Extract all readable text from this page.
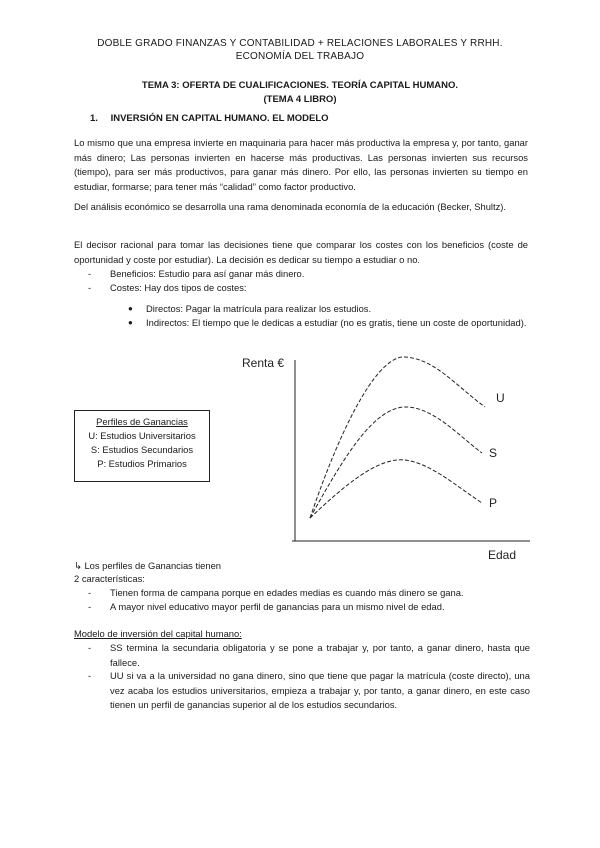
DOBLE GRADO FINANZAS Y CONTABILIDAD + RELACIONES LABORALES Y RRHH.
ECONOMÍA DEL TRABAJO
TEMA 3: OFERTA DE CUALIFICACIONES. TEORÍA CAPITAL HUMANO.
(TEMA 4 LIBRO)
1. INVERSIÓN EN CAPITAL HUMANO. EL MODELO
Lo mismo que una empresa invierte en maquinaria para hacer más productiva la empresa y, por tanto, ganar más dinero; Las personas invierten en hacerse más productivas. Las personas invierten sus recursos (tiempo), para ser más productivos, para ganar más dinero. Por ello, las personas invierten su tiempo en estudiar, formarse; para tener más “calidad” como factor productivo.
Del análisis económico se desarrolla una rama denominada economía de la educación (Becker, Shultz).
El decisor racional para tomar las decisiones tiene que comparar los costes con los beneficios (coste de oportunidad y coste por estudiar). La decisión es dedicar su tiempo a estudiar o no.
- Beneficios: Estudio para así ganar más dinero.
- Costes: Hay dos tipos de costes:
● Directos: Pagar la matrícula para realizar los estudios.
● Indirectos: El tiempo que le dedicas a estudiar (no es gratis, tiene un coste de oportunidad).
Perfiles de Ganancias
U: Estudios Universitarios
S: Estudios Secundarios
P: Estudios Primarios
Renta €
Edad
U
S
P
↳ Los perfiles de Ganancias tienen
2 características:
- Tienen forma de campana porque en edades medias es cuando más dinero se gana.
- A mayor nivel educativo mayor perfil de ganancias para un mismo nivel de edad.
Modelo de inversión del capital humano:
- SS termina la secundaria obligatoria y se pone a trabajar y, por tanto, a ganar dinero, hasta que fallece.
- UU si va a la universidad no gana dinero, sino que tiene que pagar la matrícula (coste directo), una vez acaba los estudios universitarios, empieza a trabajar y, por tanto, a ganar dinero, en este caso tienen un perfil de ganancias superior al de los estudios secundarios.
